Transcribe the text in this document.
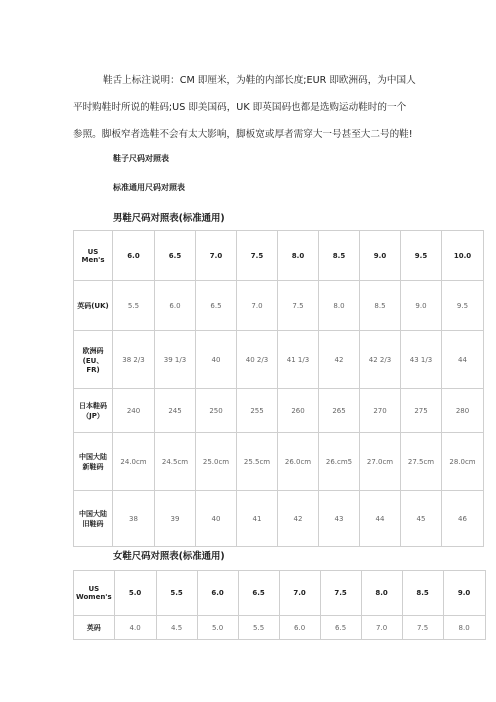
鞋舌上标注说明：CM 即厘米，为鞋的内部长度;EUR 即欧洲码，为中国人

平时购鞋时所说的鞋码;US 即美国码，UK 即英国码也都是选购运动鞋时的一个

参照。脚板窄者选鞋不会有太大影响，脚板宽或厚者需穿大一号甚至大二号的鞋!

鞋子尺码对照表
标准通用尺码对照表
男鞋尺码对照表(标准通用)
US Men's	6.0	6.5	7.0	7.5	8.0	8.5	9.0	9.5	10.0
英码(UK)	5.5	6.0	6.5	7.0	7.5	8.0	8.5	9.0	9.5
欧洲码(EU、FR)	38 2/3	39 1/3	40	40 2/3	41 1/3	42	42 2/3	43 1/3	44
日本鞋码（JP）	240	245	250	255	260	265	270	275	280
中国大陆新鞋码	24.0cm	24.5cm	25.0cm	25.5cm	26.0cm	26.cm5	27.0cm	27.5cm	28.0cm
中国大陆旧鞋码	38	39	40	41	42	43	44	45	46
女鞋尺码对照表(标准通用)
US Women's	5.0	5.5	6.0	6.5	7.0	7.5	8.0	8.5	9.0
英码	4.0	4.5	5.0	5.5	6.0	6.5	7.0	7.5	8.0
